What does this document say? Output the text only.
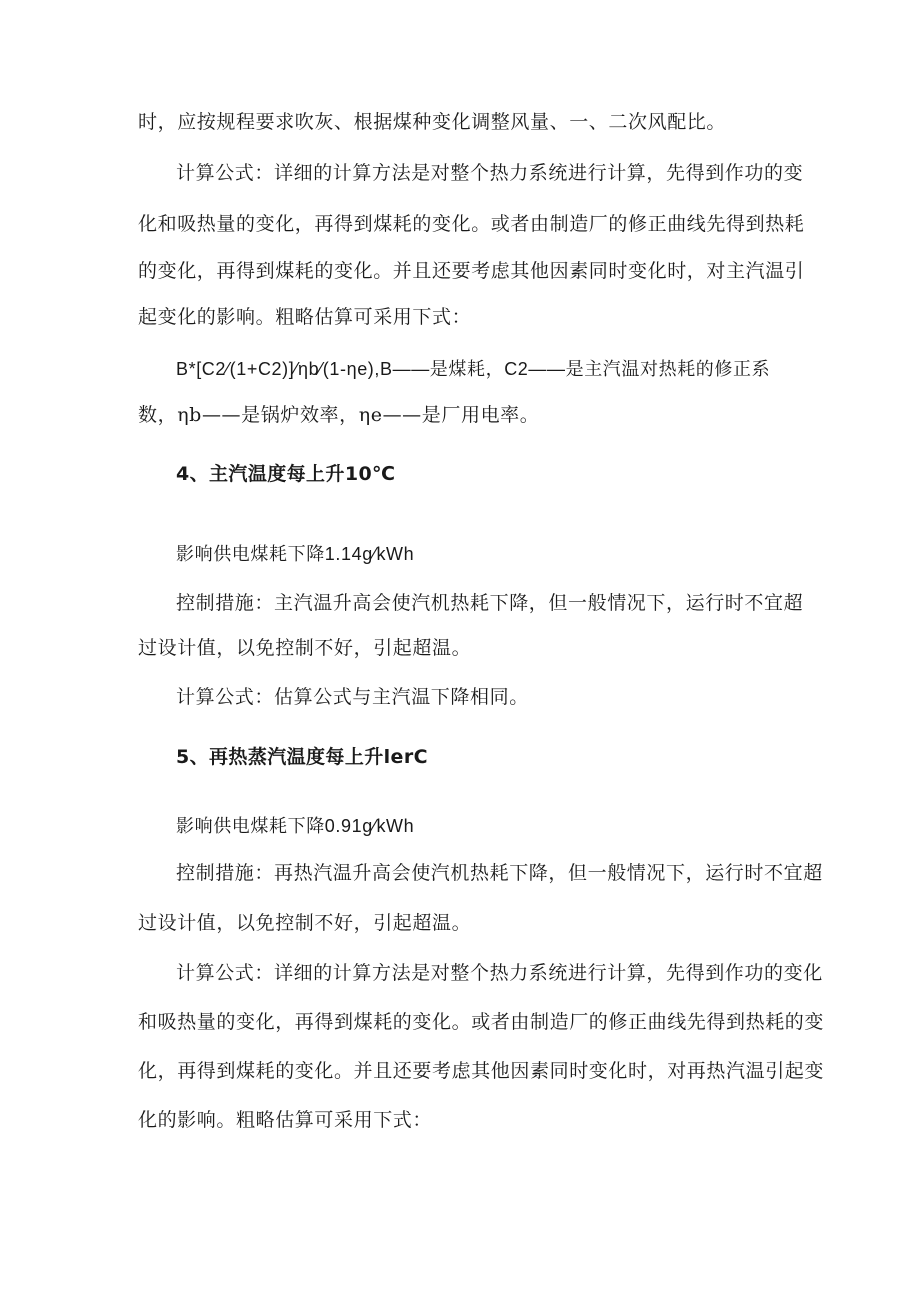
时，应按规程要求吹灰、根据煤种变化调整风量、一、二次风配比。
计算公式：详细的计算方法是对整个热力系统进行计算，先得到作功的变
化和吸热量的变化，再得到煤耗的变化。或者由制造厂的修正曲线先得到热耗
的变化，再得到煤耗的变化。并且还要考虑其他因素同时变化时，对主汽温引
起变化的影响。粗略估算可采用下式：
B*[C2⁄(1+C2)]⁄ηb⁄(1-ηe),B——是煤耗，C2——是主汽温对热耗的修正系
数，ηb——是锅炉效率，ηe——是厂用电率。
4、主汽温度每上升10℃
影响供电煤耗下降1.14g⁄kWh
控制措施：主汽温升高会使汽机热耗下降，但一般情况下，运行时不宜超
过设计值，以免控制不好，引起超温。
计算公式：估算公式与主汽温下降相同。
5、再热蒸汽温度每上升lerC
影响供电煤耗下降0.91g⁄kWh
控制措施：再热汽温升高会使汽机热耗下降，但一般情况下，运行时不宜超
过设计值，以免控制不好，引起超温。
计算公式：详细的计算方法是对整个热力系统进行计算，先得到作功的变化
和吸热量的变化，再得到煤耗的变化。或者由制造厂的修正曲线先得到热耗的变
化，再得到煤耗的变化。并且还要考虑其他因素同时变化时，对再热汽温引起变
化的影响。粗略估算可采用下式：
